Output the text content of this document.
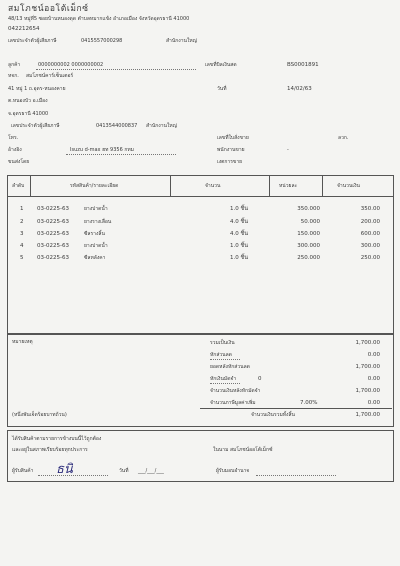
สมโภชน์ออโต้เม็กซ์
48/13 หมู่ที่5 ซอยบ้านหนองดุด ตำบลหมากแข้ง อำเภอเมือง จังหวัดอุดรธานี 41000
042212654
เลขประจำตัวผู้เสียภาษี	0415557000298	สำนักงานใหญ่
ลูกค้า	0000000002 0000000002
หจก. สมโภชน์คาร์เซ็นเตอร์
41 หมู่ 1 ถ.อุดร-หนองคาย
ต.หนองบัว อ.เมือง
จ.อุดรธานี 41000
เลขประจำตัวผู้เสียภาษี	0413544000837 สำนักงานใหญ่
โทร.
อ้างอิง	Isuzu d-max ฮท 9356 กทม
ขนส่งโดย
เลขที่บิลเงินสด	BS0001891
วันที่	14/02/63
เลขที่ใบสั่งขาย	ลวก.
พนักงานขาย	-
เงตการขาย
ลำดับ	รหัสสินค้า/รายละเอียด	จำนวน	หน่วยละ	จำนวนเงิน
1 03-0225-63	ยางปาดน้ำ	1.0 ชิ้น	350.000	350.00
2 03-0225-63	ยางรางเลื่อน	4.0 ชิ้น	50.000	200.00
3 03-0225-63	ซีลรางลิ้น	4.0 ชิ้น	150.000	600.00
4 03-0225-63	ยางปาดน้ำ	1.0 ชิ้น	300.000	300.00
5 03-0225-63	ซีลหลังคา	1.0 ชิ้น	250.000	250.00
หมายเหตุ	รวมเป็นเงิน	1,700.00
หักส่วนลด	0.00
ยอดหลังหักส่วนลด	1,700.00
หักเงินมัดจำ	0	0.00
จำนวนเงินหลังหักมัดจำ	1,700.00
จำนวนภาษีมูลค่าเพิ่ม	7.00%	0.00
(หนึ่งพันเจ็ดร้อยบาทถ้วน)	จำนวนเงินรวมทั้งสิ้น	1,700.00
ได้รับสินค้าตามรายการข้างบนนี้ไว้ถูกต้อง
และอยู่ในสภาพเรียบร้อยทุกประการ	ในนาม สมโภชน์ออโต้เม็กซ์
ผู้รับสินค้า ธนิ	วันที่ ___/___/___	ผู้รับมอบอำนาจ
